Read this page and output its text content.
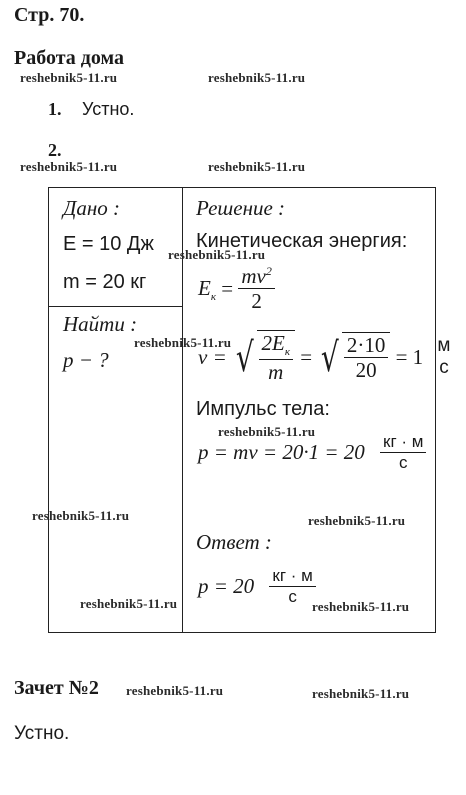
Стр. 70.
Работа дома
reshebnik5-11.ru	reshebnik5-11.ru
1. Устно.
2.
reshebnik5-11.ru	reshebnik5-11.ru
Дано :
E = 10 Дж
m = 20 кг
Найти :
p − ?
Решение :
Кинетическая энергия:
$E_к = \frac{mv^2}{2}$
v = √ $\frac{2E_к}{m}$ = √ $\frac{2\cdot 10}{20} = 1$ м
с
Импульс тела:
p = mv = $20\cdot 1 = 20 \frac{кг \cdot м}{с}$
Ответ :
$p = 20 \frac{кг \cdot м}{с}$
reshebnik5-11.ru
reshebnik5-11.ru
reshebnik5-11.ru
reshebnik5-11.ru	reshebnik5-11.ru
reshebnik5-11.ru	reshebnik5-11.ru
Зачет №2 reshebnik5-11.ru	reshebnik5-11.ru
Устно.
